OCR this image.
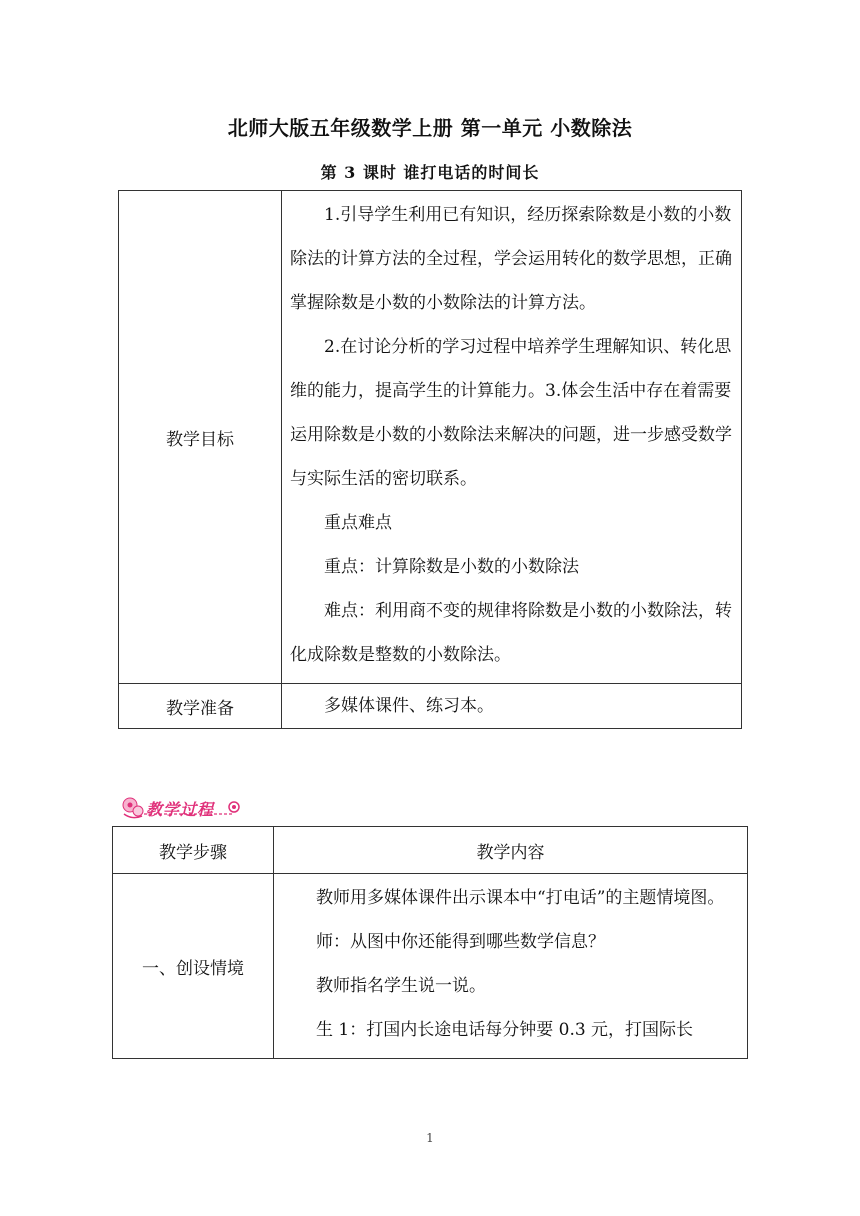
北师大版五年级数学上册 第一单元 小数除法
第 3 课时 谁打电话的时间长
教学目标	1.引导学生利用已有知识，经历探索除数是小数的小数除法的计算方法的全过程，学会运用转化的数学思想，正确掌握除数是小数的小数除法的计算方法。

2.在讨论分析的学习过程中培养学生理解知识、转化思维的能力，提高学生的计算能力。3.体会生活中存在着需要运用除数是小数的小数除法来解决的问题，进一步感受数学与实际生活的密切联系。

重点难点

重点：计算除数是小数的小数除法

难点：利用商不变的规律将除数是小数的小数除法，转化成除数是整数的小数除法。

教学准备	多媒体课件、练习本。

教学过程
教学步骤	教学内容
一、创设情境	教师用多媒体课件出示课本中“打电话”的主题情境图。

师：从图中你还能得到哪些数学信息？

教师指名学生说一说。

生 1：打国内长途电话每分钟要 0.3 元，打国际长

1
